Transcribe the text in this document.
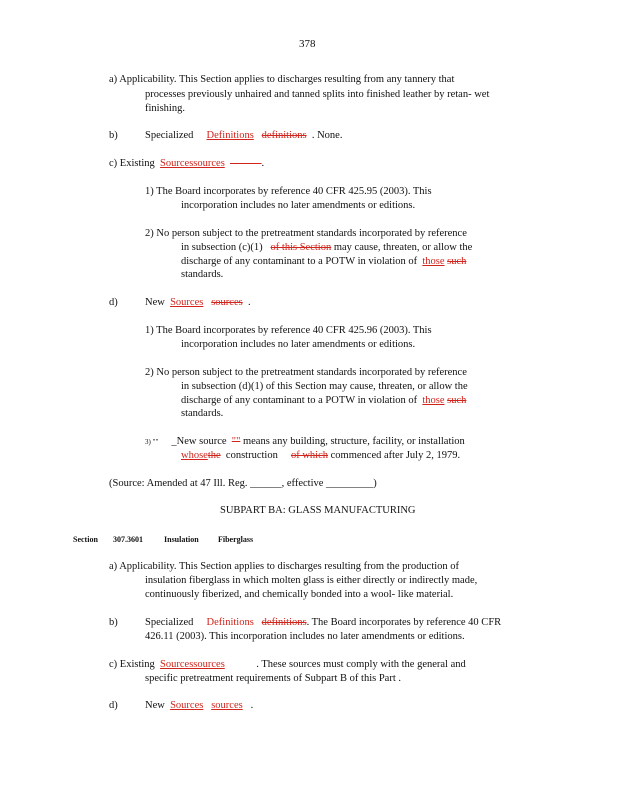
378
a) Applicability. This Section applies to discharges resulting from any tannery that
processes previously unhaired and tanned splits into finished leather by retan- wet
finishing.
b)	Specialized Definitions definitions . None.
c) Existing Sourcessources	.
1) The Board incorporates by reference 40 CFR 425.95 (2003). This
incorporation includes no later amendments or editions.
2) No person subject to the pretreatment standards incorporated by reference
in subsection (c)(1) of this Section may cause, threaten, or allow the
discharge of any contaminant to a POTW in violation of those such
standards.
d)	New Sources sources .
1) The Board incorporates by reference 40 CFR 425.96 (2003). This
incorporation includes no later amendments or editions.
2) No person subject to the pretreatment standards incorporated by reference
in subsection (d)(1) of this Section may cause, threaten, or allow the
discharge of any contaminant to a POTW in violation of those such
standards.
3) "" _New source "" means any building, structure, facility, or installation
whosethe construction of which commenced after July 2, 1979.
(Source: Amended at 47 Ill. Reg. ______, effective _________)
SUBPART BA: GLASS MANUFACTURING
Section 307.3601	Insulation Fiberglass
a) Applicability. This Section applies to discharges resulting from the production of
insulation fiberglass in which molten glass is either directly or indirectly made,
continuously fiberized, and chemically bonded into a wool- like material.
b)	Specialized Definitions definitions. The Board incorporates by reference 40 CFR
426.11 (2003). This incorporation includes no later amendments or editions.
c) Existing Sourcessources	. These sources must comply with the general and
specific pretreatment requirements of Subpart B of this Part .
d)	New Sources sources .
